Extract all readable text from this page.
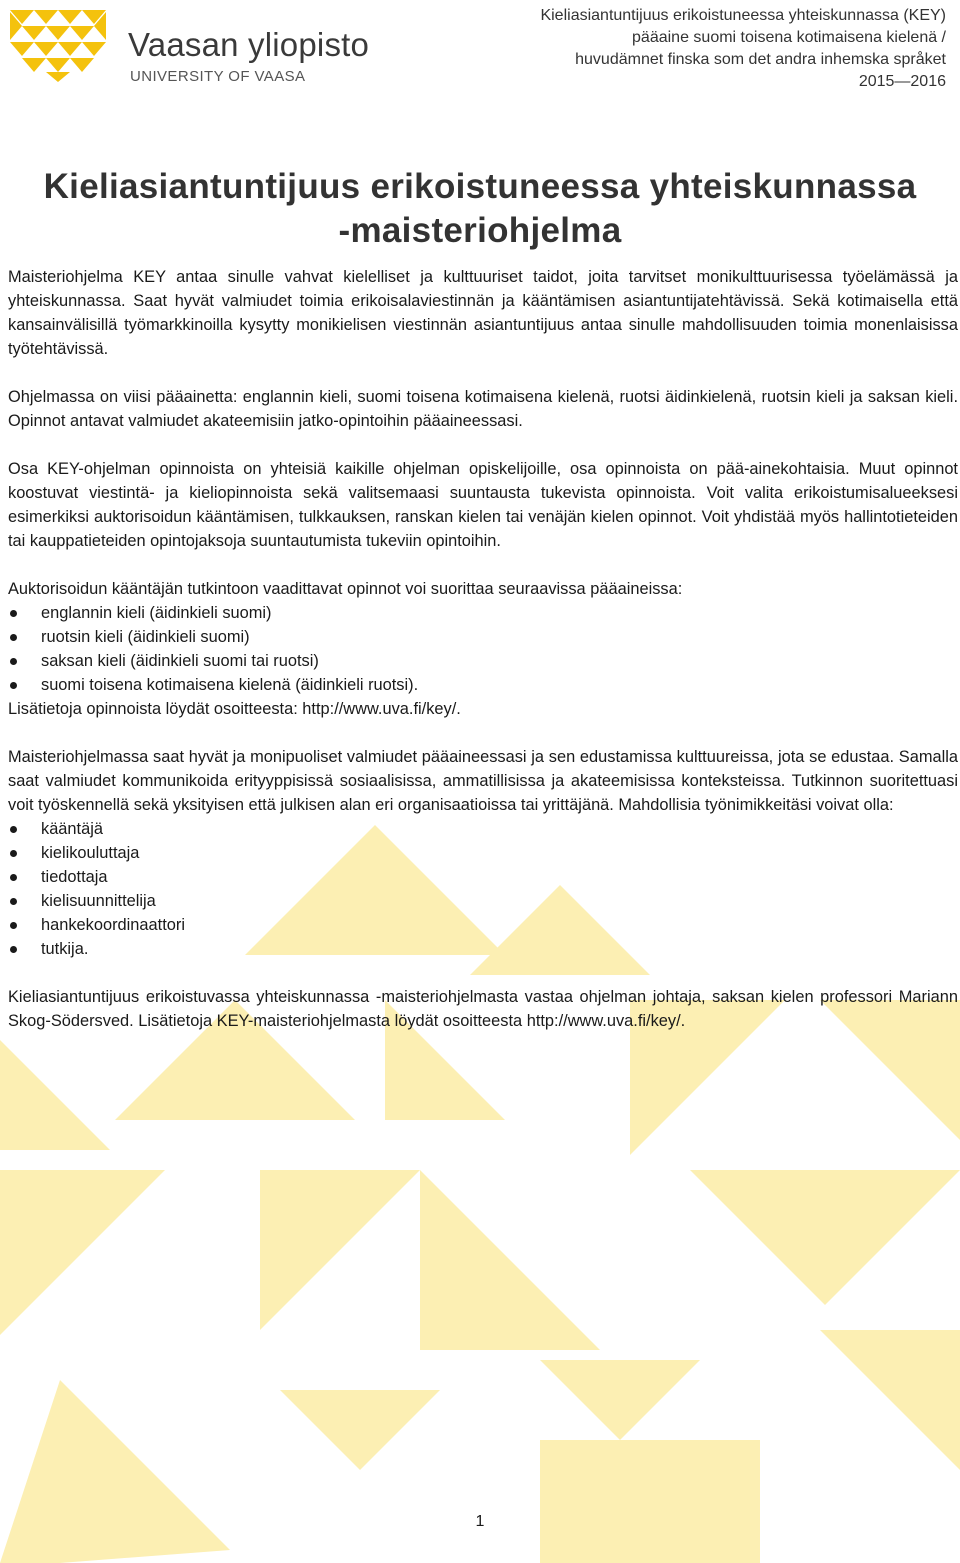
Vaasan yliopisto
UNIVERSITY OF VAASA
Kieliasiantuntijuus erikoistuneessa yhteiskunnassa (KEY)
pääaine suomi toisena kotimaisena kielenä /
huvudämnet finska som det andra inhemska språket
2015—2016
Kieliasiantuntijuus erikoistuneessa yhteiskunnassa
-maisteriohjelma

Maisteriohjelma KEY antaa sinulle vahvat kielelliset ja kulttuuriset taidot, joita tarvitset monikulttuurisessa työelämässä ja yhteiskunnassa. Saat hyvät valmiudet toimia erikoisalaviestinnän ja kääntämisen asiantuntijatehtävissä. Sekä kotimaisella että kansainvälisillä työmarkkinoilla kysytty monikielisen viestinnän asiantuntijuus antaa sinulle mahdollisuuden toimia monenlaisissa työtehtävissä.

Ohjelmassa on viisi pääainetta: englannin kieli, suomi toisena kotimaisena kielenä, ruotsi äidinkielenä, ruotsin kieli ja saksan kieli. Opinnot antavat valmiudet akateemisiin jatko-opintoihin pääaineessasi.

Osa KEY-ohjelman opinnoista on yhteisiä kaikille ohjelman opiskelijoille, osa opinnoista on pää-ainekohtaisia. Muut opinnot koostuvat viestintä- ja kieliopinnoista sekä valitsemaasi suuntausta tukevista opinnoista. Voit valita erikoistumisalueeksesi esimerkiksi auktorisoidun kääntämisen, tulkkauksen, ranskan kielen tai venäjän kielen opinnot. Voit yhdistää myös hallintotieteiden tai kauppatieteiden opintojaksoja suuntautumista tukeviin opintoihin.

Auktorisoidun kääntäjän tutkintoon vaadittavat opinnot voi suorittaa seuraavissa pääaineissa:

englannin kieli (äidinkieli suomi)
ruotsin kieli (äidinkieli suomi)
saksan kieli (äidinkieli suomi tai ruotsi)
suomi toisena kotimaisena kielenä (äidinkieli ruotsi).

Lisätietoja opinnoista löydät osoitteesta: http://www.uva.fi/key/.

Maisteriohjelmassa saat hyvät ja monipuoliset valmiudet pääaineessasi ja sen edustamissa kulttuureissa, jota se edustaa. Samalla saat valmiudet kommunikoida erityyppisissä sosiaalisissa, ammatillisissa ja akateemisissa konteksteissa. Tutkinnon suoritettuasi voit työskennellä sekä yksityisen että julkisen alan eri organisaatioissa tai yrittäjänä. Mahdollisia työnimikkeitäsi voivat olla:

kääntäjä
kielikouluttaja
tiedottaja
kielisuunnittelija
hankekoordinaattori
tutkija.

Kieliasiantuntijuus erikoistuvassa yhteiskunnassa -maisteriohjelmasta vastaa ohjelman johtaja, saksan kielen professori Mariann Skog-Södersved. Lisätietoja KEY-maisteriohjelmasta löydät osoitteesta http://www.uva.fi/key/.

1
